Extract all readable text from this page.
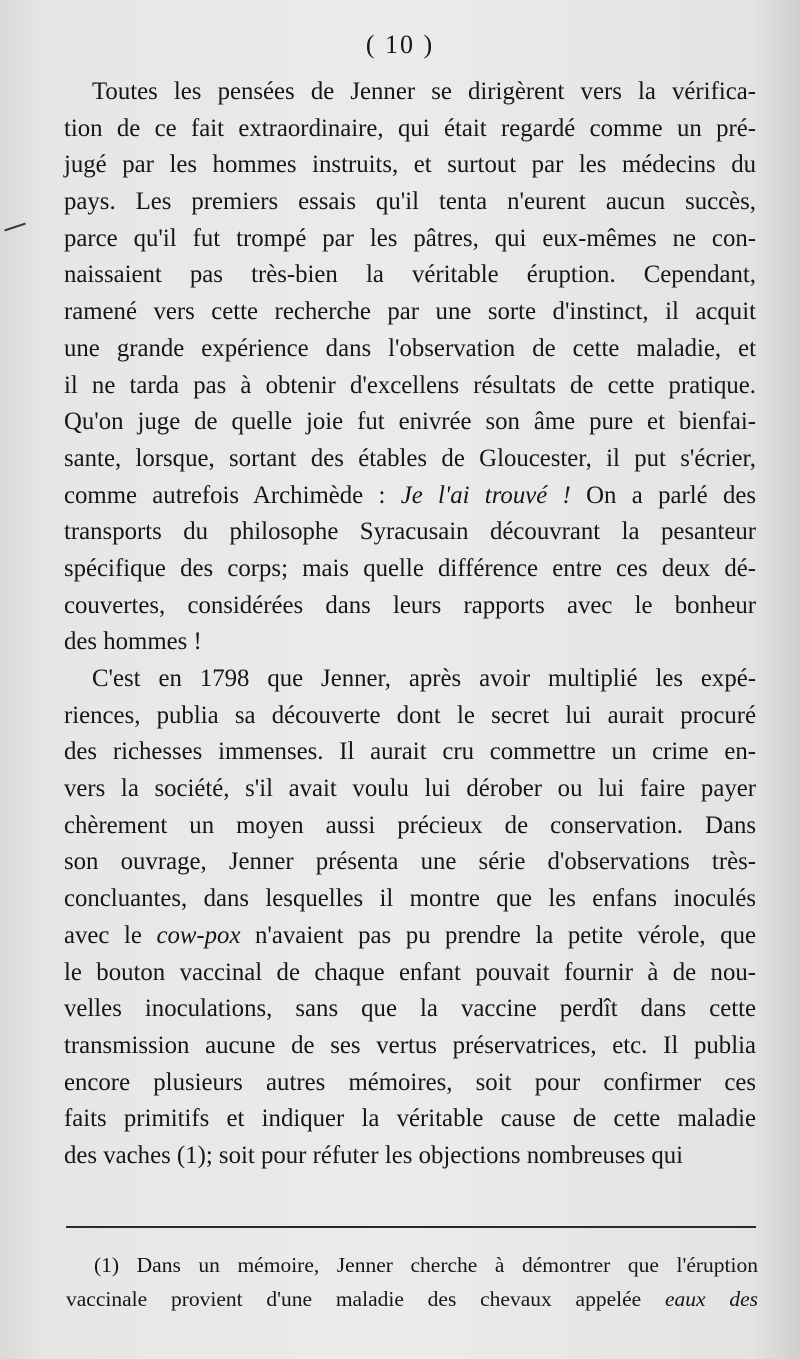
( 10 )
Toutes les pensées de Jenner se dirigèrent vers la vérifica-
tion de ce fait extraordinaire, qui était regardé comme un pré-
jugé par les hommes instruits, et surtout par les médecins du
pays. Les premiers essais qu'il tenta n'eurent aucun succès,
parce qu'il fut trompé par les pâtres, qui eux-mêmes ne con-
naissaient pas très-bien la véritable éruption. Cependant,
ramené vers cette recherche par une sorte d'instinct, il acquit
une grande expérience dans l'observation de cette maladie, et
il ne tarda pas à obtenir d'excellens résultats de cette pratique.
Qu'on juge de quelle joie fut enivrée son âme pure et bienfai-
sante, lorsque, sortant des étables de Gloucester, il put s'écrier,
comme autrefois Archimède : Je l'ai trouvé ! On a parlé des
transports du philosophe Syracusain découvrant la pesanteur
spécifique des corps; mais quelle différence entre ces deux dé-
couvertes, considérées dans leurs rapports avec le bonheur
des hommes !
C'est en 1798 que Jenner, après avoir multiplié les expé-
riences, publia sa découverte dont le secret lui aurait procuré
des richesses immenses. Il aurait cru commettre un crime en-
vers la société, s'il avait voulu lui dérober ou lui faire payer
chèrement un moyen aussi précieux de conservation. Dans
son ouvrage, Jenner présenta une série d'observations très-
concluantes, dans lesquelles il montre que les enfans inoculés
avec le cow-pox n'avaient pas pu prendre la petite vérole, que
le bouton vaccinal de chaque enfant pouvait fournir à de nou-
velles inoculations, sans que la vaccine perdît dans cette
transmission aucune de ses vertus préservatrices, etc. Il publia
encore plusieurs autres mémoires, soit pour confirmer ces
faits primitifs et indiquer la véritable cause de cette maladie
des vaches (1); soit pour réfuter les objections nombreuses qui
(1) Dans un mémoire, Jenner cherche à démontrer que l'éruption
vaccinale provient d'une maladie des chevaux appelée eaux des
